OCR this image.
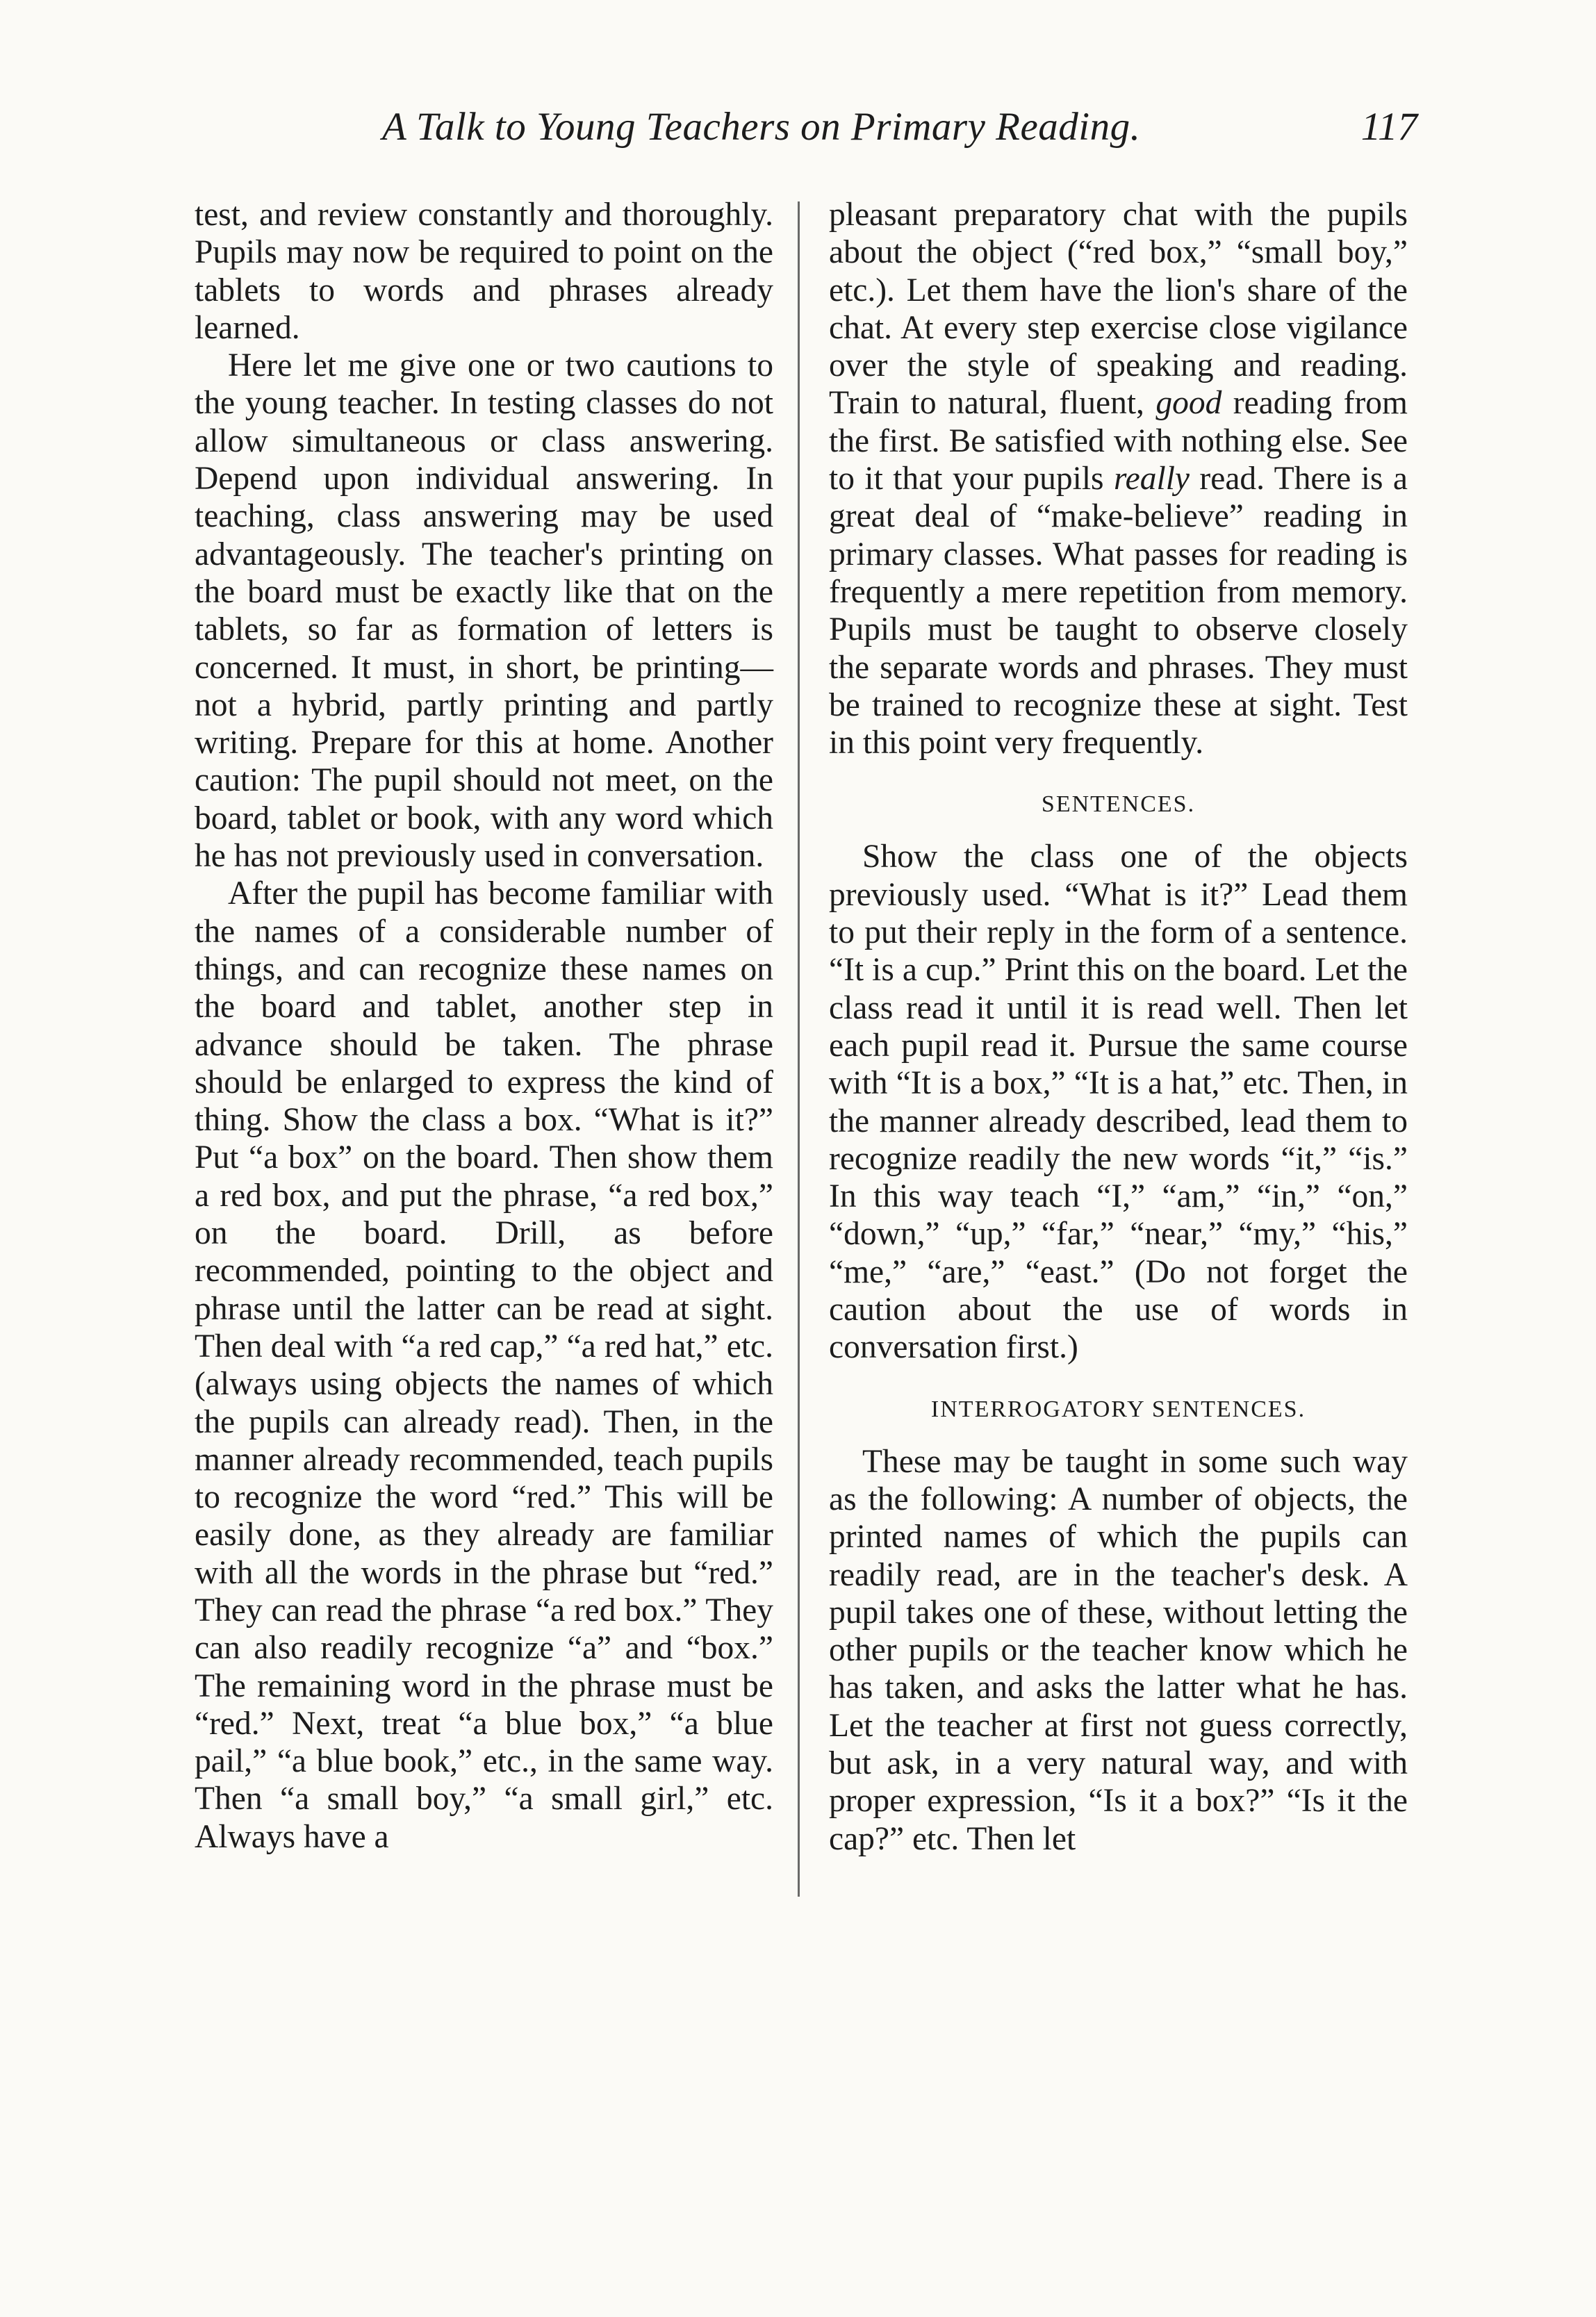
A Talk to Young Teachers on Primary Reading.	117

test, and review constantly and thoroughly. Pupils may now be required to point on the tablets to words and phrases already learned.

Here let me give one or two cautions to the young teacher. In testing classes do not allow simultaneous or class answering. Depend upon individual answering. In teaching, class answering may be used advantageously. The teacher's printing on the board must be exactly like that on the tablets, so far as formation of letters is concerned. It must, in short, be printing—not a hybrid, partly printing and partly writing. Prepare for this at home. Another caution: The pupil should not meet, on the board, tablet or book, with any word which he has not previously used in conversation.

After the pupil has become familiar with the names of a considerable number of things, and can recognize these names on the board and tablet, another step in advance should be taken. The phrase should be enlarged to express the kind of thing. Show the class a box. “What is it?” Put “a box” on the board. Then show them a red box, and put the phrase, “a red box,” on the board. Drill, as before recommended, pointing to the object and phrase until the latter can be read at sight. Then deal with “a red cap,” “a red hat,” etc. (always using objects the names of which the pupils can already read). Then, in the manner already recommended, teach pupils to recognize the word “red.” This will be easily done, as they already are familiar with all the words in the phrase but “red.” They can read the phrase “a red box.” They can also readily recognize “a” and “box.” The remaining word in the phrase must be “red.” Next, treat “a blue box,” “a blue pail,” “a blue book,” etc., in the same way. Then “a small boy,” “a small girl,” etc. Always have a

pleasant preparatory chat with the pupils about the object (“red box,” “small boy,” etc.). Let them have the lion's share of the chat. At every step exercise close vigilance over the style of speaking and reading. Train to natural, fluent, good reading from the first. Be satisfied with nothing else. See to it that your pupils really read. There is a great deal of “make-believe” reading in primary classes. What passes for reading is frequently a mere repetition from memory. Pupils must be taught to observe closely the separate words and phrases. They must be trained to recognize these at sight. Test in this point very frequently.

SENTENCES.

Show the class one of the objects previously used. “What is it?” Lead them to put their reply in the form of a sentence. “It is a cup.” Print this on the board. Let the class read it until it is read well. Then let each pupil read it. Pursue the same course with “It is a box,” “It is a hat,” etc. Then, in the manner already described, lead them to recognize readily the new words “it,” “is.” In this way teach “I,” “am,” “in,” “on,” “down,” “up,” “far,” “near,” “my,” “his,” “me,” “are,” “east.” (Do not forget the caution about the use of words in conversation first.)

INTERROGATORY SENTENCES.

These may be taught in some such way as the following: A number of objects, the printed names of which the pupils can readily read, are in the teacher's desk. A pupil takes one of these, without letting the other pupils or the teacher know which he has taken, and asks the latter what he has. Let the teacher at first not guess correctly, but ask, in a very natural way, and with proper expression, “Is it a box?” “Is it the cap?” etc. Then let
